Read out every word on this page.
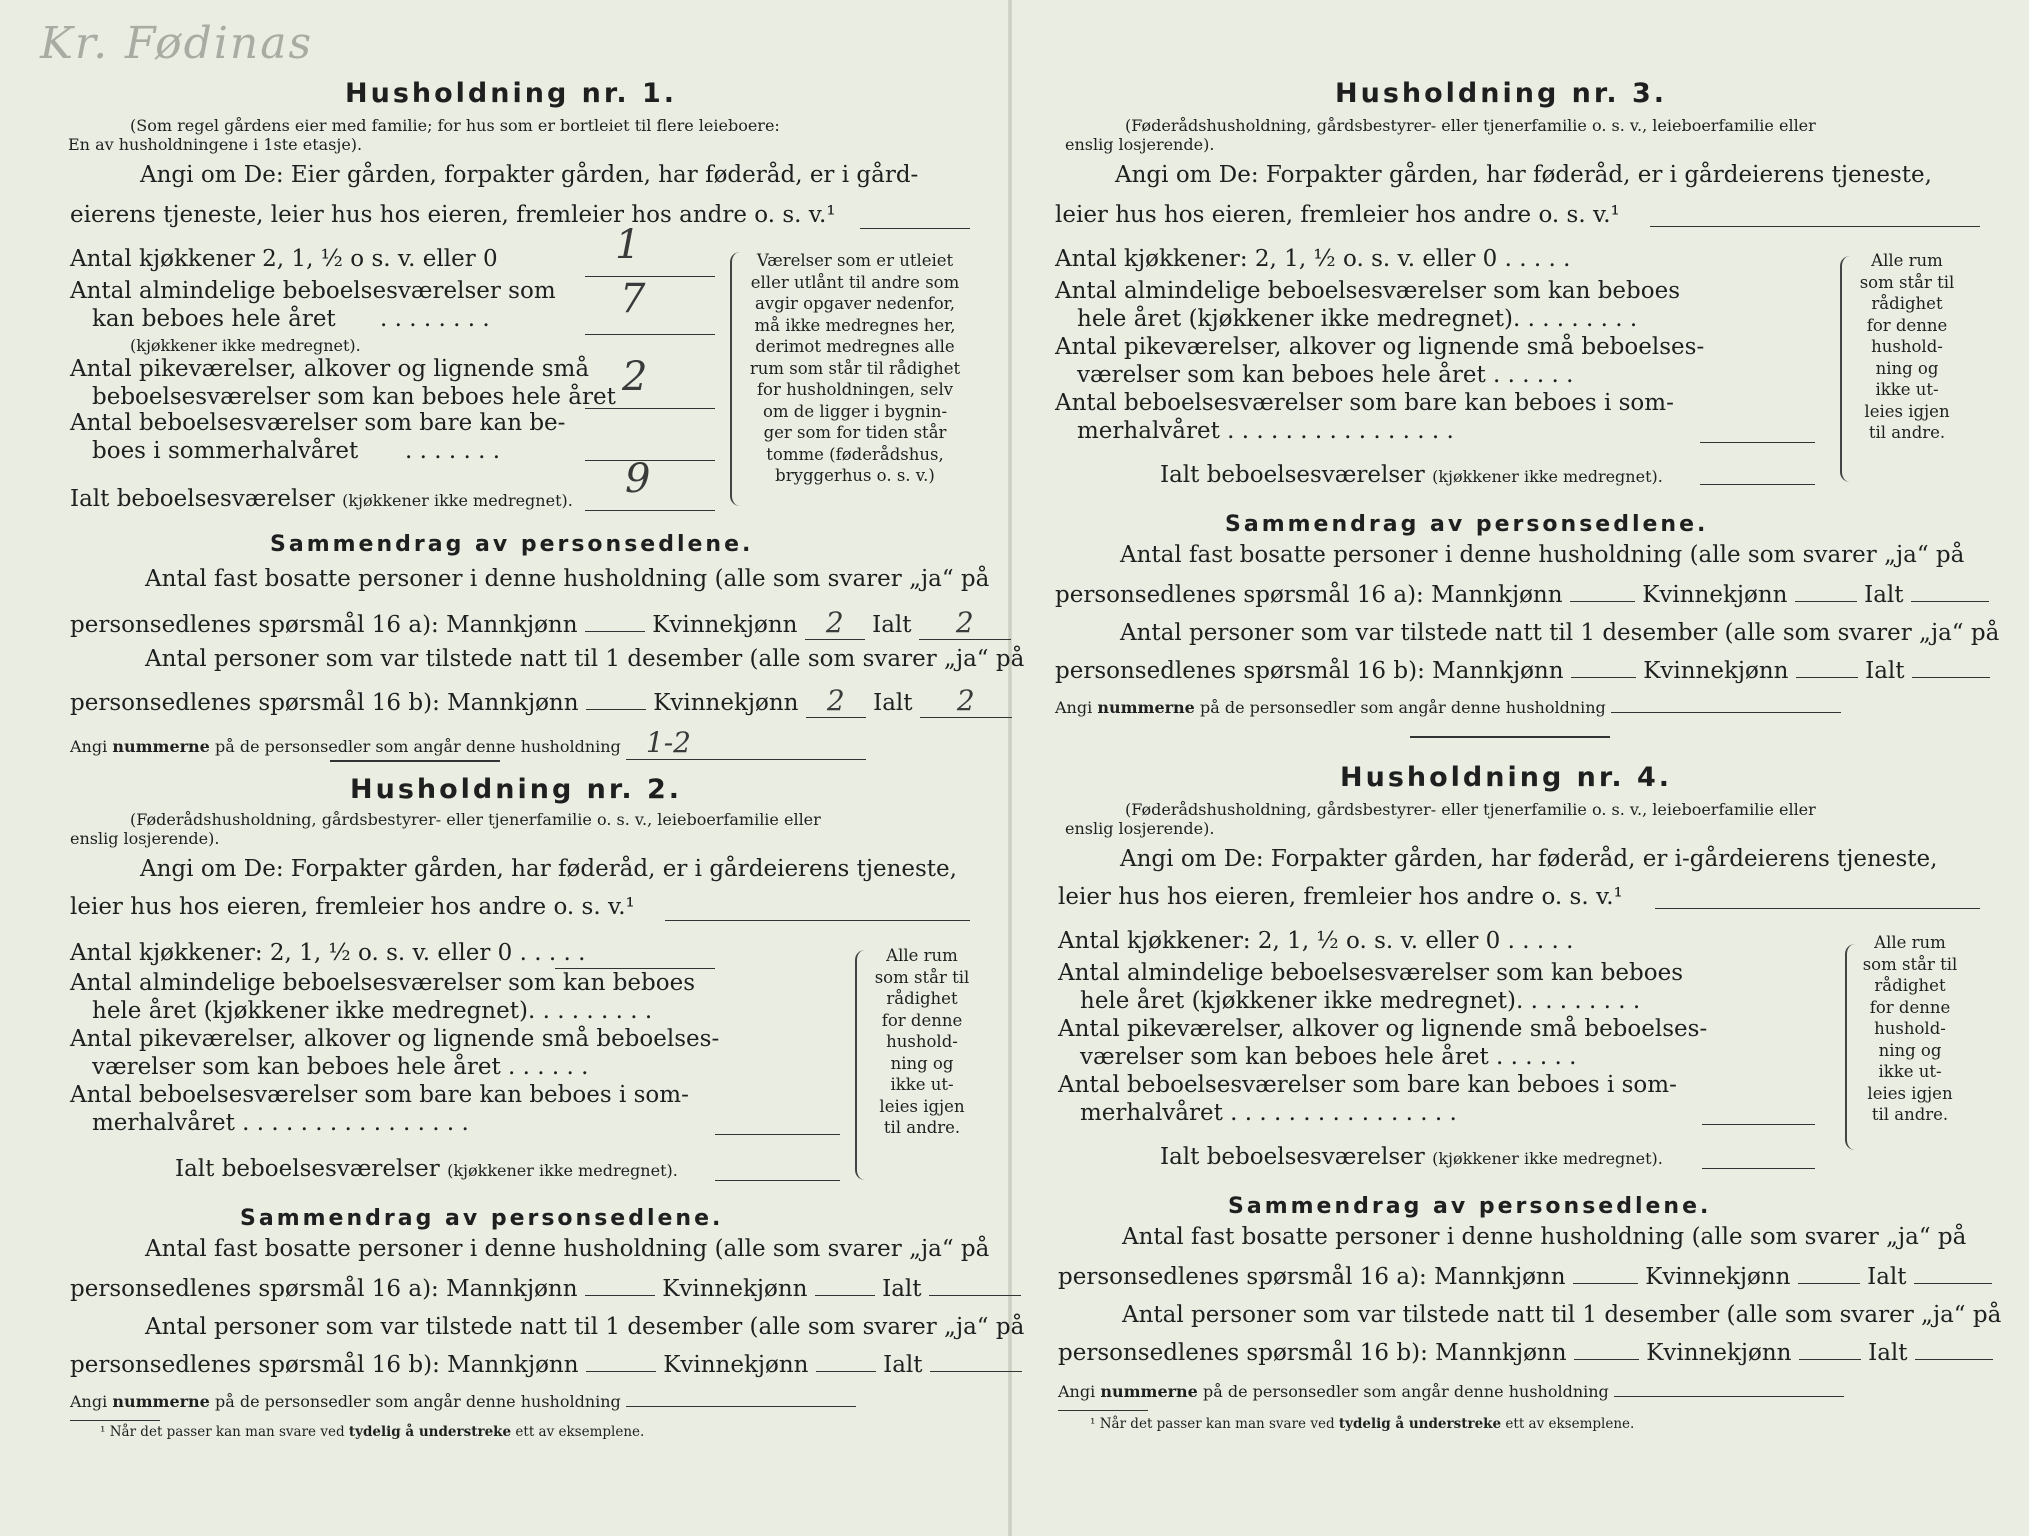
Kr. Fødinas
Husholdning nr. 1.
(Som regel gårdens eier med familie; for hus som er bortleiet til flere leieboere:
En av husholdningene i 1ste etasje).
Angi om De: Eier gården, forpakter gården, har føderåd, er i gård-
eierens tjeneste, leier hus hos eieren, fremleier hos andre o. s. v.¹
Antal kjøkkener 2, 1, ½ o s. v. eller 0	1
Antal almindelige beboelsesværelser som
kan beboes hele året
(kjøkkener ikke medregnet).
. . . . . . . .	7
Antal pikeværelser, alkover og lignende små
beboelsesværelser som kan beboes hele året 2
Antal beboelsesværelser som bare kan be-
boes i sommerhalvåret . . . . . . .
Ialt beboelsesværelser (kjøkkener ikke medregnet). 9
Værelser som er utleiet
eller utlånt til andre som
avgir opgaver nedenfor,
må ikke medregnes her,
derimot medregnes alle
rum som står til rådighet
for husholdningen, selv
om de ligger i bygnin-
ger som for tiden står
tomme (føderådshus,
bryggerhus o. s. v.)
Sammendrag av personsedlene.
Antal fast bosatte personer i denne husholdning (alle som svarer „ja“ på
personsedlenes spørsmål 16 a): Mannkjønn	Kvinnekjønn 2 Ialt 2
Antal personer som var tilstede natt til 1 desember (alle som svarer „ja“ på
personsedlenes spørsmål 16 b): Mannkjønn	Kvinnekjønn 2 Ialt 2
Angi nummerne på de personsedler som angår denne husholdning 1-2
Husholdning nr. 2.
(Føderådshusholdning, gårdsbestyrer- eller tjenerfamilie o. s. v., leieboerfamilie eller
enslig losjerende).
Angi om De: Forpakter gården, har føderåd, er i gårdeierens tjeneste,
leier hus hos eieren, fremleier hos andre o. s. v.¹
Antal kjøkkener: 2, 1, ½ o. s. v. eller 0 . . . . .
Antal almindelige beboelsesværelser som kan beboes
hele året (kjøkkener ikke medregnet). . . . . . . . .
Antal pikeværelser, alkover og lignende små beboelses-
værelser som kan beboes hele året . . . . . .
Antal beboelsesværelser som bare kan beboes i som-
merhalvåret . . . . . . . . . . . . . . . .
Ialt beboelsesværelser (kjøkkener ikke medregnet).
Alle rum
som står til
rådighet
for denne
hushold-
ning og
ikke ut-
leies igjen
til andre.
Sammendrag av personsedlene.
Antal fast bosatte personer i denne husholdning (alle som svarer „ja“ på
personsedlenes spørsmål 16 a): Mannkjønn	Kvinnekjønn	Ialt
Antal personer som var tilstede natt til 1 desember (alle som svarer „ja“ på
personsedlenes spørsmål 16 b): Mannkjønn	Kvinnekjønn	Ialt
Angi nummerne på de personsedler som angår denne husholdning
¹ Når det passer kan man svare ved tydelig å understreke ett av eksemplene.
Husholdning nr. 3.
(Føderådshusholdning, gårdsbestyrer- eller tjenerfamilie o. s. v., leieboerfamilie eller
enslig losjerende).
Angi om De: Forpakter gården, har føderåd, er i gårdeierens tjeneste,
leier hus hos eieren, fremleier hos andre o. s. v.¹
Antal kjøkkener: 2, 1, ½ o. s. v. eller 0 . . . . .
Antal almindelige beboelsesværelser som kan beboes
hele året (kjøkkener ikke medregnet). . . . . . . . .
Antal pikeværelser, alkover og lignende små beboelses-
værelser som kan beboes hele året . . . . . .
Antal beboelsesværelser som bare kan beboes i som-
merhalvåret . . . . . . . . . . . . . . . .
Ialt beboelsesværelser (kjøkkener ikke medregnet).
Alle rum
som står til
rådighet
for denne
hushold-
ning og
ikke ut-
leies igjen
til andre.
Sammendrag av personsedlene.
Antal fast bosatte personer i denne husholdning (alle som svarer „ja“ på
personsedlenes spørsmål 16 a): Mannkjønn	Kvinnekjønn	Ialt
Antal personer som var tilstede natt til 1 desember (alle som svarer „ja“ på
personsedlenes spørsmål 16 b): Mannkjønn	Kvinnekjønn	Ialt
Angi nummerne på de personsedler som angår denne husholdning
Husholdning nr. 4.
(Føderådshusholdning, gårdsbestyrer- eller tjenerfamilie o. s. v., leieboerfamilie eller
enslig losjerende).
Angi om De: Forpakter gården, har føderåd, er i-gårdeierens tjeneste,
leier hus hos eieren, fremleier hos andre o. s. v.¹
Antal kjøkkener: 2, 1, ½ o. s. v. eller 0 . . . . .
Antal almindelige beboelsesværelser som kan beboes
hele året (kjøkkener ikke medregnet). . . . . . . . .
Antal pikeværelser, alkover og lignende små beboelses-
værelser som kan beboes hele året . . . . . .
Antal beboelsesværelser som bare kan beboes i som-
merhalvåret . . . . . . . . . . . . . . . .
Ialt beboelsesværelser (kjøkkener ikke medregnet).
Alle rum
som står til
rådighet
for denne
hushold-
ning og
ikke ut-
leies igjen
til andre.
Sammendrag av personsedlene.
Antal fast bosatte personer i denne husholdning (alle som svarer „ja“ på
personsedlenes spørsmål 16 a): Mannkjønn	Kvinnekjønn	Ialt
Antal personer som var tilstede natt til 1 desember (alle som svarer „ja“ på
personsedlenes spørsmål 16 b): Mannkjønn	Kvinnekjønn	Ialt
Angi nummerne på de personsedler som angår denne husholdning
¹ Når det passer kan man svare ved tydelig å understreke ett av eksemplene.
